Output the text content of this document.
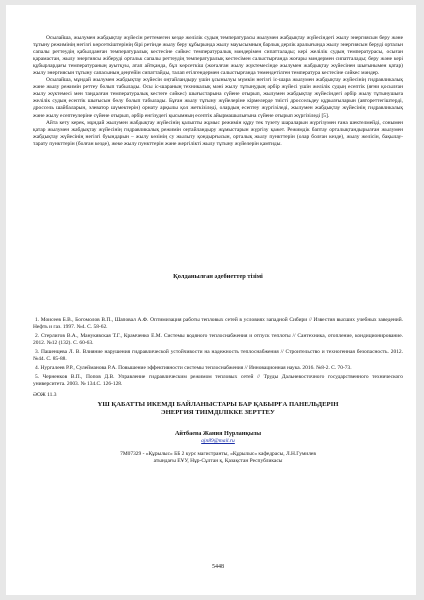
Осылайша, жылумен жабдықтау жүйесін реттемеген кезде желілік судың температурасы жылумен жабдықтау жүйесіндегі жылу энергиясын беру және тұтыну режимінің негізгі көрсеткіштерінің бірі ретінде жылу беру құбырында жылу мауысымның барлық дерлік аралығында жылу энергиясын беруді ортальн сапалы реттеудің қабылданған температуралық кестесіне сәйкес температуралық мәндерімен сипатталады; кері желілік судың температурасы, осыған қарамастан, жылу энергиясы жіберуді ортальк сапалы реттеудің температуралық кестесімен салыстырғанда жоғары мәндермен сипатталады; беру және кері құбырлардағы температураның ауытқуы, атап айтқанда, бұл көрсеткіш (жоғалған жылу жүктемесінде жылумен жабдықтау жүйесінен шығынымен қатар) жылу энергиясын тұтыну сапасының деңгейін сипаттайды, талап етілгендермен салыстырғанда төмендетілген температура кестесіне сәйкес мәндер.

Осылайша, мұндай жылумен жабдықтау жүйесін оңтайландыру үшін ұсынылуы мүмкін негізгі іс-шара жылумен жабдықтау жүйесінің гидравликалық және жылу режимін реттеу болып табылады. Осы іс-шараның техникалық мәні жылу тұтынудың әрбір жүйесі үшін желілік судың есептік (яғни қосылған жылу жүктемесі мен таңдалған температуралық кестеге сәйкес) шығыстарына сүйене отырып, жылумен жабдықтау жүйесіндегі әрбір жылу тұтынушыға желілік судың есептік шығысын бөлу болып табылады. Бұған жылу тұтыну жүйелеріне кірмелерде тиісті дроссельдеу құрылғыларын (автореттегіштерді, дроссель шайбаларын, элеватор шүмектерін) орнату арқылы қол жеткізіледі, олардың есептеу жүргізіледі, жылумен жабдықтау жүйесінің гидравликалық және жылу есептеулеріне сүйене отырып, әрбір енгізудегі қысымның есептік айырмашылығына сүйене отырып жүргізіледі [5].

Айта кету керек, мұндай жылумен жабдықтау жүйесінің қалыпты жұмыс режимін құру тек түзету шараларын жүргізумен ғана шектелмейді, сонымен қатар жылумен жабдықтау жүйесінің гидравликалық режимін оңтайландыру жұмыстарын жүргізу қажет. Режимдік баптау орталықтандырылған жылумен жабдықтау жүйесінің негізгі буындарын – жылу көзінің су жылыту қондырғысын, орталық жылу пункттерін (олар болған кезде), жылу желісін, бақылау-тарату пункттерін (болған кезде), жеке жылу пункттерін және жергілікті жылу тұтыну жүйелерін қамтиды.

Қолданылған әдебиеттер тізімі

1. Моисеев Б.В., Богомолов В.П., Шаповал А.Ф. Оптимизация работы тепловых сетей в условиях западной Сибири // Известия высших учебных заведений. Нефть и газ. 1997. №4. С. 58-62.

2. Стерлигов В.А., Манукявская Т.Г., Крамченко Е.М. Системы водяного теплоснабжения и отпуск теплоты // Сантехника, отопление, кондиционирование. 2012. №12 (132). С. 60-63.

3. Пашенцева Л. В. Влияние нарушения гидравлической устойчивости на надежность теплоснабжения // Строительство и техногенная безопасность. 2012. №44. С. 85-88.

4. Нургалеев Р.Р., Сулейманова Р.А. Повышение эффективности системы теплоснабжения // Инновационная наука. 2016. №8-2. С. 70-73.

5. Черненков В.П., Попов Д.В. Управление гидравлическим режимом тепловых сетей // Труды Дальневосточного государственного технического университета. 2003. № 134.С. 126-128.

ӘОЖ 11.3
ҮШ ҚАБАТТЫ ИКЕМДІ БАЙЛАНЫСТАРЫ БАР ҚАБЫРҒА ПАНЕЛЬДЕРІН
ЭНЕРГИЯ ТИІМДІЛІККЕ ЗЕРТТЕУ
Айтбаева Жания Нурланқызы
ajn89@mail.ru
7М07329 - «Құрылыс» ББ 2 курс магистранты, «Құрылыс» кафедрасы, Л.Н.Гумилев
атындағы ЕҰУ, Нұр-Сұлтан қ, Қазақстан Республикасы
5448
